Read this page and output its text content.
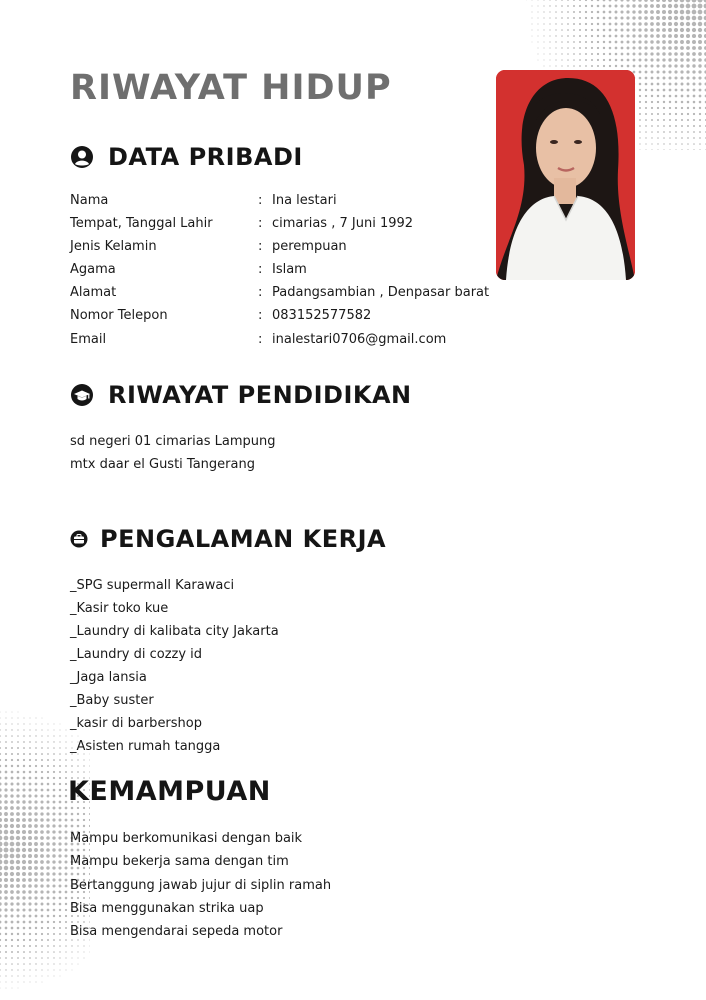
RIWAYAT HIDUP
DATA PRIBADI
Nama	: Ina lestari
Tempat, Tanggal Lahir	: cimarias , 7 Juni 1992
Jenis Kelamin	: perempuan
Agama	: Islam
Alamat	: Padangsambian , Denpasar barat
Nomor Telepon	: 083152577582
Email	: inalestari0706@gmail.com
RIWAYAT PENDIDIKAN
sd negeri 01 cimarias Lampung
mtx daar el Gusti Tangerang
PENGALAMAN KERJA
_SPG supermall Karawaci
_Kasir toko kue
_Laundry di kalibata city Jakarta
_Laundry di cozzy id
_Jaga lansia
_Baby suster
_kasir di barbershop
_Asisten rumah tangga
KEMAMPUAN
Mampu berkomunikasi dengan baik
Mampu bekerja sama dengan tim
Bertanggung jawab jujur di siplin ramah
Bisa menggunakan strika uap
Bisa mengendarai sepeda motor
